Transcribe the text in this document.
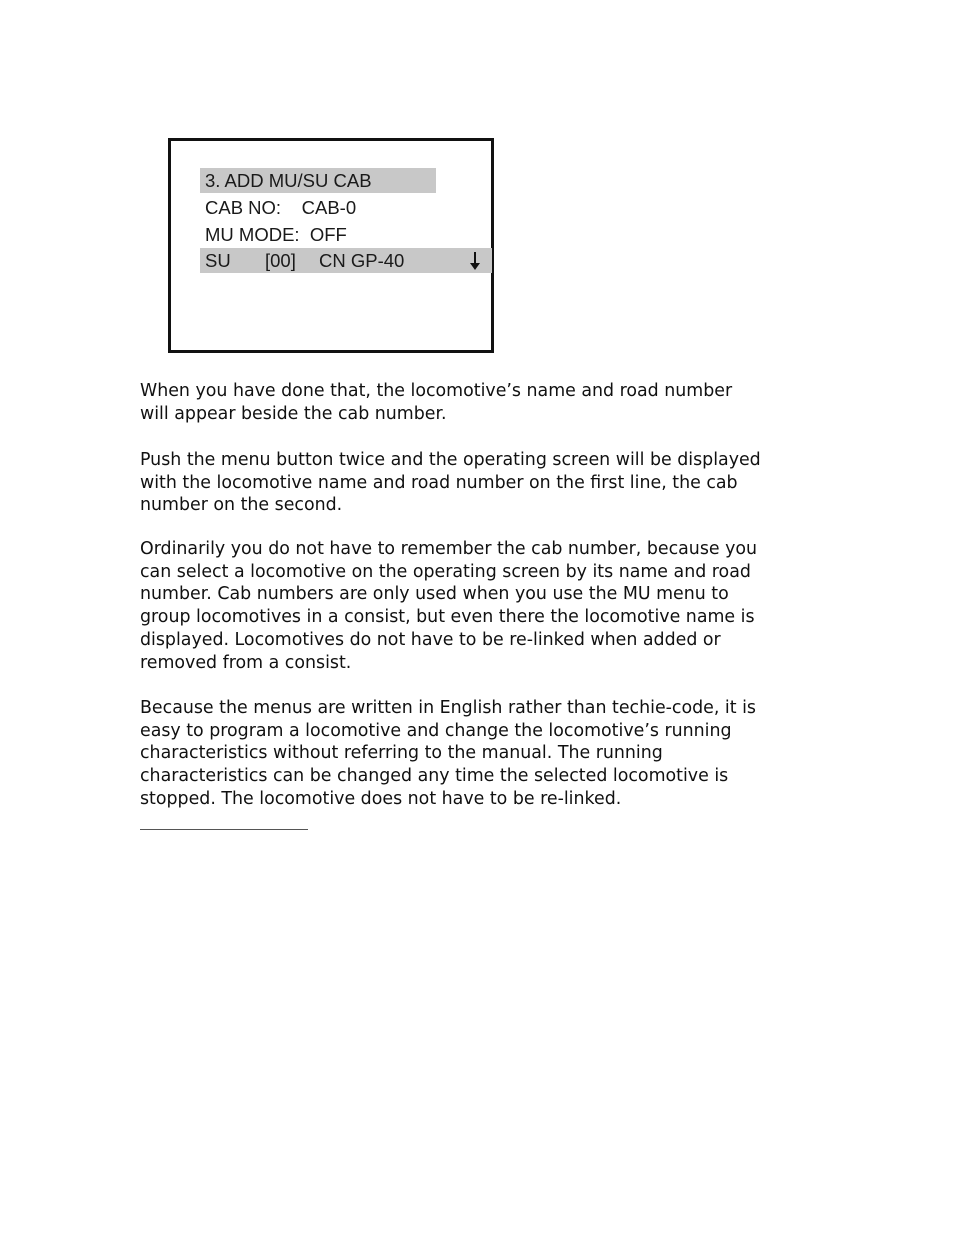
3. ADD MU/SU CAB
CAB NO:    CAB-0
MU MODE:  OFF

SU

[00]

CN GP-40

When you have done that, the locomotive’s name and road number
will appear beside the cab number.
Push the menu button twice and the operating screen will be displayed
with the locomotive name and road number on the first line, the cab
number on the second.
Ordinarily you do not have to remember the cab number, because you
can select a locomotive on the operating screen by its name and road
number. Cab numbers are only used when you use the MU menu to
group locomotives in a consist, but even there the locomotive name is
displayed. Locomotives do not have to be re-linked when added or
removed from a consist.
Because the menus are written in English rather than techie-code, it is
easy to program a locomotive and change the locomotive’s running
characteristics without referring to the manual. The running
characteristics can be changed any time the selected locomotive is
stopped. The locomotive does not have to be re-linked.
